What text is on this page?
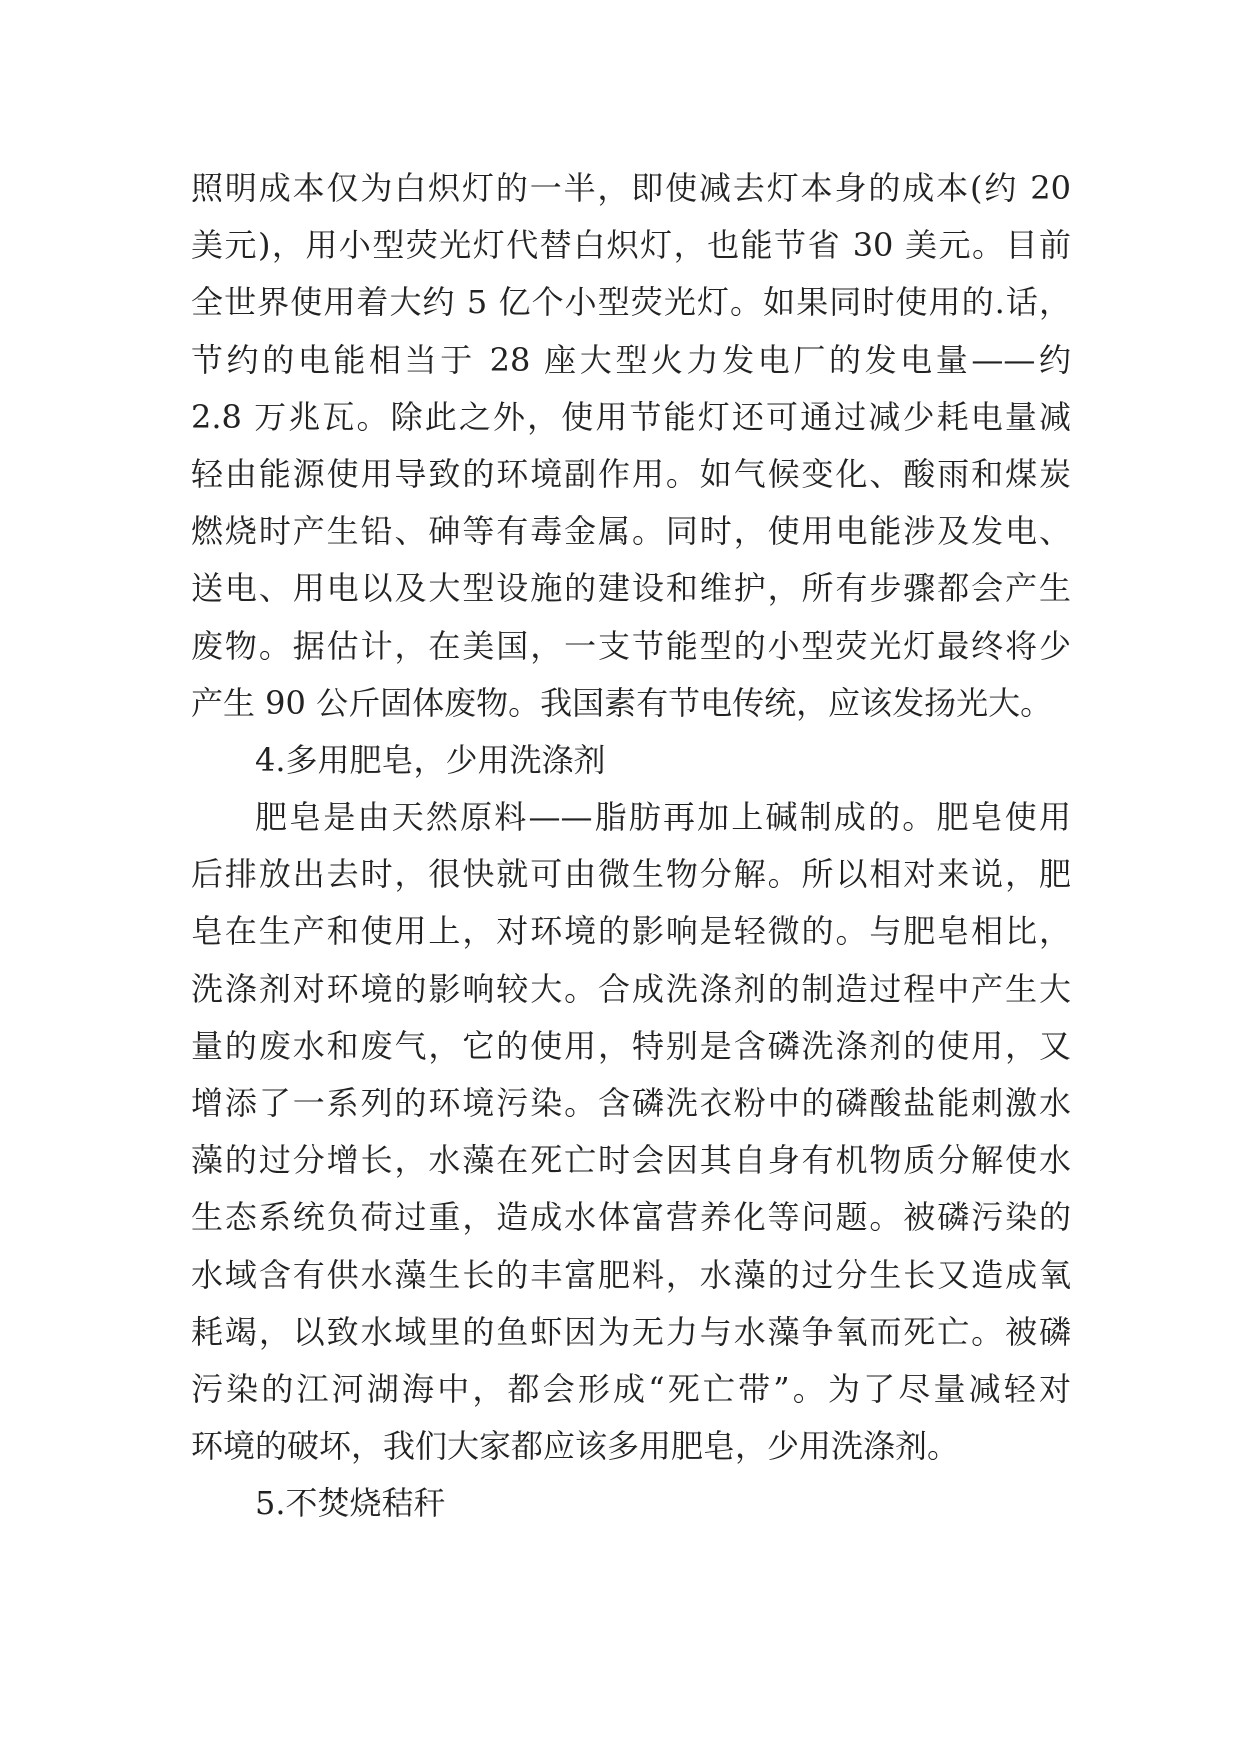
照明成本仅为白炽灯的一半，即使减去灯本身的成本(约 20
美元)，用小型荧光灯代替白炽灯，也能节省 30 美元。目前
全世界使用着大约 5 亿个小型荧光灯。如果同时使用的.话，
节约的电能相当于 28 座大型火力发电厂的发电量——约
2.8 万兆瓦。除此之外，使用节能灯还可通过减少耗电量减
轻由能源使用导致的环境副作用。如气候变化、酸雨和煤炭
燃烧时产生铅、砷等有毒金属。同时，使用电能涉及发电、
送电、用电以及大型设施的建设和维护，所有步骤都会产生
废物。据估计，在美国，一支节能型的小型荧光灯最终将少
产生 90 公斤固体废物。我国素有节电传统，应该发扬光大。
4.多用肥皂，少用洗涤剂
肥皂是由天然原料——脂肪再加上碱制成的。肥皂使用
后排放出去时，很快就可由微生物分解。所以相对来说，肥
皂在生产和使用上，对环境的影响是轻微的。与肥皂相比，
洗涤剂对环境的影响较大。合成洗涤剂的制造过程中产生大
量的废水和废气，它的使用，特别是含磷洗涤剂的使用，又
增添了一系列的环境污染。含磷洗衣粉中的磷酸盐能刺激水
藻的过分增长，水藻在死亡时会因其自身有机物质分解使水
生态系统负荷过重，造成水体富营养化等问题。被磷污染的
水域含有供水藻生长的丰富肥料，水藻的过分生长又造成氧
耗竭，以致水域里的鱼虾因为无力与水藻争氧而死亡。被磷
污染的江河湖海中，都会形成“死亡带”。为了尽量减轻对
环境的破坏，我们大家都应该多用肥皂，少用洗涤剂。
5.不焚烧秸秆
